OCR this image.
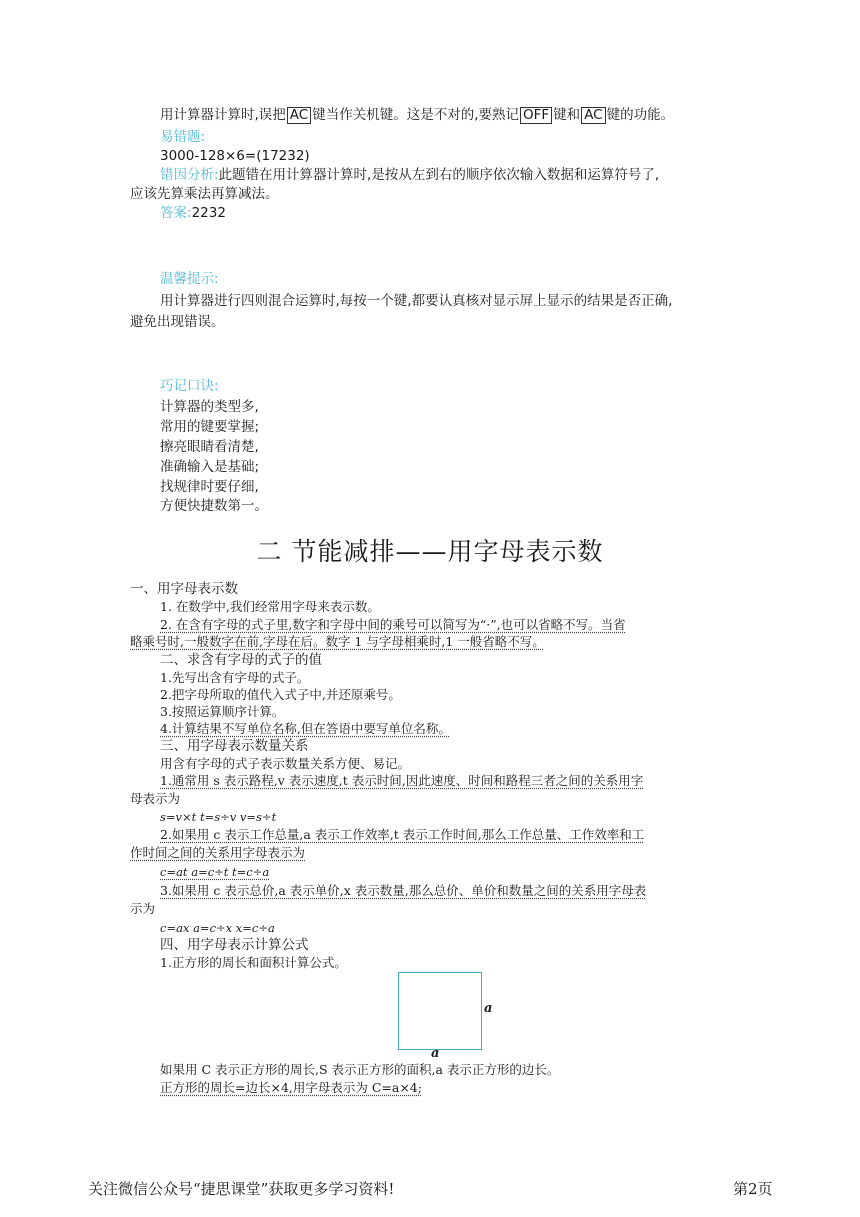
用计算器计算时,误把 AC 键当作关机键。这是不对的,要熟记 OFF 键和 AC 键的功能。
易错题:
3000-128×6=(17232)
错因分析:此题错在用计算器计算时,是按从左到右的顺序依次输入数据和运算符号了,
应该先算乘法再算减法。
答案:2232
温馨提示:
用计算器进行四则混合运算时,每按一个键,都要认真核对显示屏上显示的结果是否正确,
避免出现错误。
巧记口诀:
计算器的类型多,
常用的键要掌握;
擦亮眼睛看清楚,
准确输入是基础;
找规律时要仔细,
方便快捷数第一。
二 节能减排——用字母表示数
一、用字母表示数
1. 在数学中,我们经常用字母来表示数。
2. 在含有字母的式子里,数字和字母中间的乘号可以简写为“·”,也可以省略不写。当省
略乘号时,一般数字在前,字母在后。数字 1 与字母相乘时,1 一般省略不写。
二、求含有字母的式子的值
1.先写出含有字母的式子。
2.把字母所取的值代入式子中,并还原乘号。
3.按照运算顺序计算。
4.计算结果不写单位名称,但在答语中要写单位名称。
三、用字母表示数量关系
用含有字母的式子表示数量关系方便、易记。
1.通常用 s 表示路程,v 表示速度,t 表示时间,因此速度、时间和路程三者之间的关系用字
母表示为
s=v×t t=s÷v v=s÷t
2.如果用 c 表示工作总量,a 表示工作效率,t 表示工作时间,那么工作总量、工作效率和工
作时间之间的关系用字母表示为
c=at a=c÷t t=c÷a
3.如果用 c 表示总价,a 表示单价,x 表示数量,那么总价、单价和数量之间的关系用字母表
示为
c=ax a=c÷x x=c÷a
四、用字母表示计算公式
1.正方形的周长和面积计算公式。
a
a
如果用 C 表示正方形的周长,S 表示正方形的面积,a 表示正方形的边长。
正方形的周长=边长×4,用字母表示为 C=a×4;
关注微信公众号“捷思课堂”获取更多学习资料!	第2页
